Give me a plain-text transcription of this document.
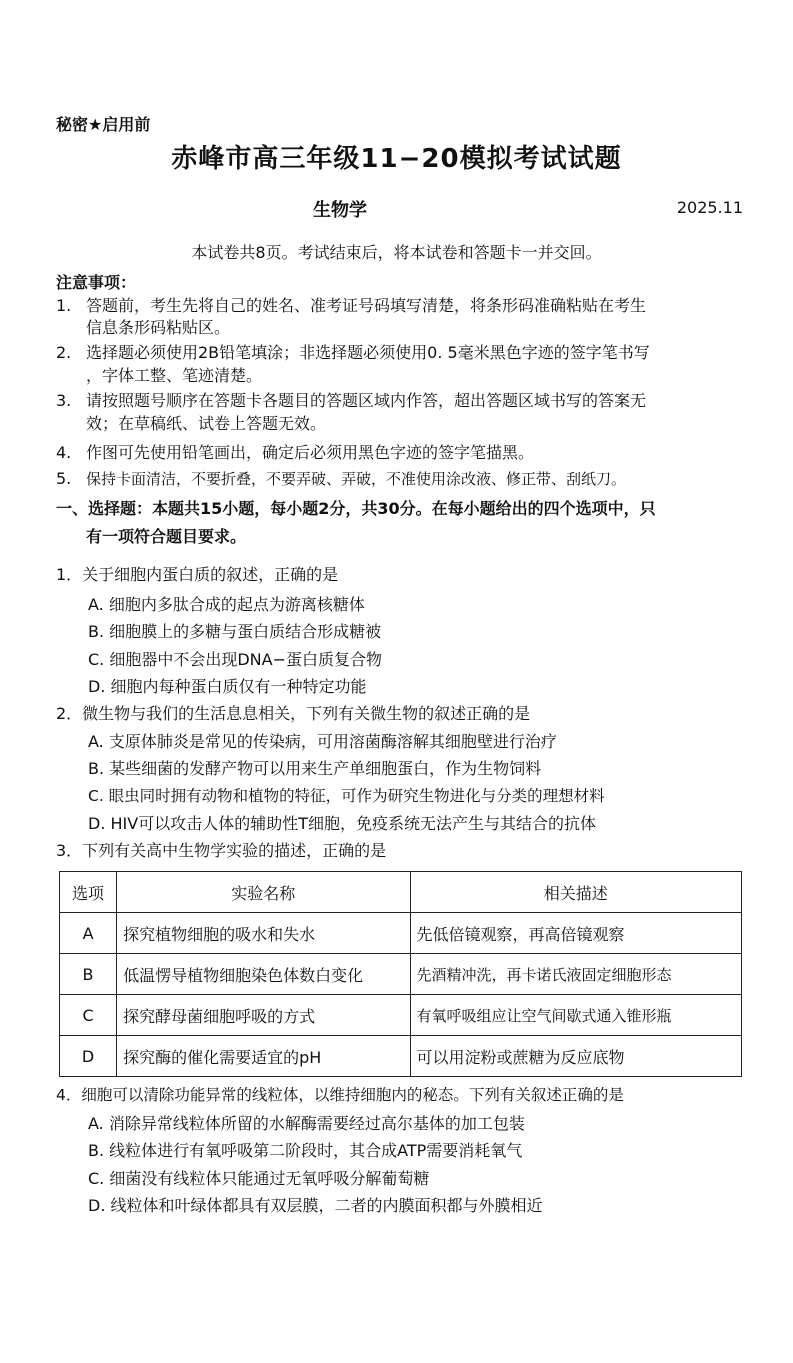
秘密★启用前
赤峰市高三年级11−20模拟考试试题
生物学	2025.11
本试卷共8页。考试结束后，将本试卷和答题卡一并交回。
注意事项：
1. 答题前，考生先将自己的姓名、准考证号码填写清楚，将条形码准确粘贴在考生
信息条形码粘贴区。
2. 选择题必须使用2B铅笔填涂；非选择题必须使用0. 5毫米黑色字迹的签字笔书写
，字体工整、笔迹清楚。
3. 请按照题号顺序在答题卡各题目的答题区域内作答，超出答题区域书写的答案无
效；在草稿纸、试卷上答题无效。
4. 作图可先使用铅笔画出，确定后必须用黑色字迹的签字笔描黑。
5. 保持卡面清洁，不要折叠，不要弄破、弄破，不准使用涂改液、修正带、刮纸刀。
一、选择题：本题共15小题，每小题2分，共30分。在每小题给出的四个选项中，只
有一项符合题目要求。
1．关于细胞内蛋白质的叙述，正确的是
A. 细胞内多肽合成的起点为游离核糖体
B. 细胞膜上的多糖与蛋白质结合形成糖被
C. 细胞器中不会出现DNA−蛋白质复合物
D. 细胞内每种蛋白质仅有一种特定功能
2．微生物与我们的生活息息相关，下列有关微生物的叙述正确的是
A. 支原体肺炎是常见的传染病，可用溶菌酶溶解其细胞壁进行治疗
B. 某些细菌的发酵产物可以用来生产单细胞蛋白，作为生物饲料
C. 眼虫同时拥有动物和植物的特征，可作为研究生物进化与分类的理想材料
D. HIV可以攻击人体的辅助性T细胞，免疫系统无法产生与其结合的抗体
3．下列有关高中生物学实验的描述，正确的是
选项	实验名称	相关描述
A	探究植物细胞的吸水和失水	先低倍镜观察，再高倍镜观察
B	低温愣导植物细胞染色体数白变化	先酒精冲洗，再卡诺氏液固定细胞形态
C	探究酵母菌细胞呼吸的方式	有氧呼吸组应让空气间歇式通入锥形瓶
D	探究酶的催化需要适宜的pH	可以用淀粉或蔗糖为反应底物
4．细胞可以清除功能异常的线粒体，以维持细胞内的秘态。下列有关叙述正确的是
A. 消除异常线粒体所留的水解酶需要经过高尔基体的加工包装
B. 线粒体进行有氧呼吸第二阶段时，其合成ATP需要消耗氧气
C. 细菌没有线粒体只能通过无氧呼吸分解葡萄糖
D. 线粒体和叶绿体都具有双层膜，二者的内膜面积都与外膜相近
